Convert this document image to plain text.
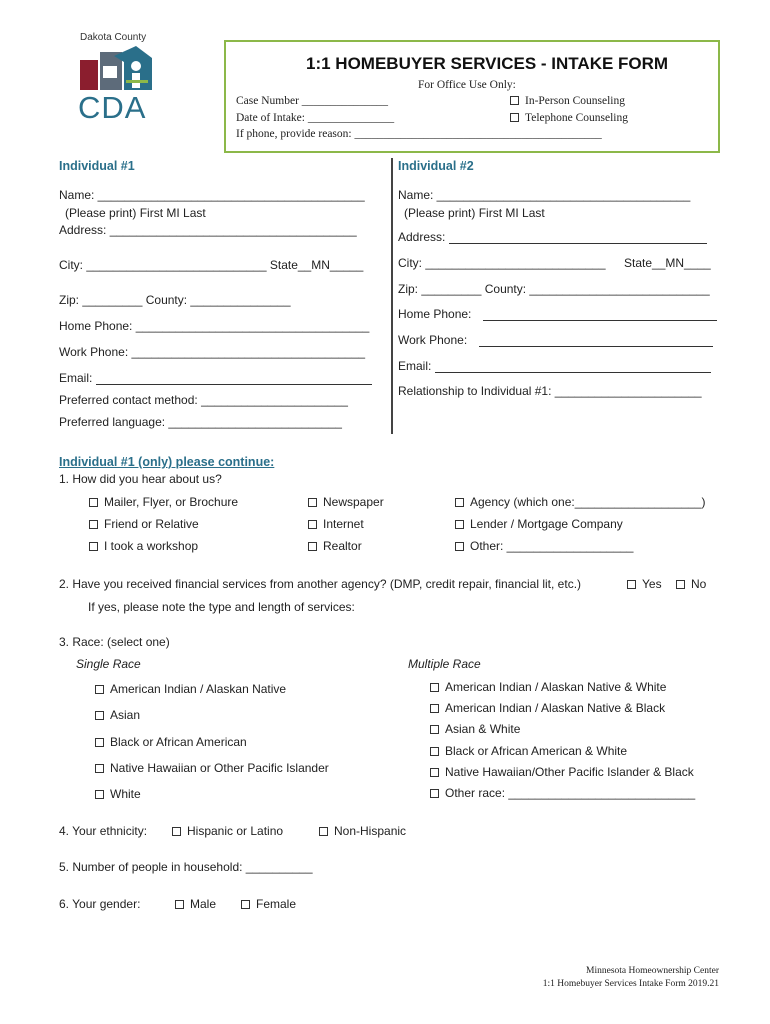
Dakota County
CDA
1:1 HOMEBUYER SERVICES - INTAKE FORM
For Office Use Only:
Case Number _______________
Date of Intake: _______________
If phone, provide reason: ___________________________________________
In-Person Counseling
Telephone Counseling
Individual #1
Name: ________________________________________
(Please print) First MI Last
Address: _____________________________________
City: ___________________________ State__MN_____
Zip: _________ County: _______________
Home Phone: ___________________________________
Work Phone: ___________________________________
Email:
Preferred contact method: ______________________
Preferred language: __________________________
Individual #2
Name: ______________________________________
(Please print) First MI Last
Address:
City: ___________________________ State__MN____
Zip: _________ County: ___________________________
Home Phone:
Work Phone:
Email:
Relationship to Individual #1: ______________________
Individual #1 (only) please continue:
1. How did you hear about us?
Mailer, Flyer, or Brochure	Newspaper	Agency (which one:___________________)
Friend or Relative	Internet	Lender / Mortgage Company
I took a workshop	Realtor	Other: ___________________
2. Have you received financial services from another agency? (DMP, credit repair, financial lit, etc.)	Yes	No
If yes, please note the type and length of services:
3. Race: (select one)
Single Race	Multiple Race
American Indian / Alaskan Native
Asian
Black or African American
Native Hawaiian or Other Pacific Islander
White
American Indian / Alaskan Native & White
American Indian / Alaskan Native & Black
Asian & White
Black or African American & White
Native Hawaiian/Other Pacific Islander & Black
Other race: ____________________________
4. Your ethnicity:	Hispanic or Latino	Non-Hispanic
5. Number of people in household: __________
6. Your gender:	Male	Female
Minnesota Homeownership Center
1:1 Homebuyer Services Intake Form 2019.21
